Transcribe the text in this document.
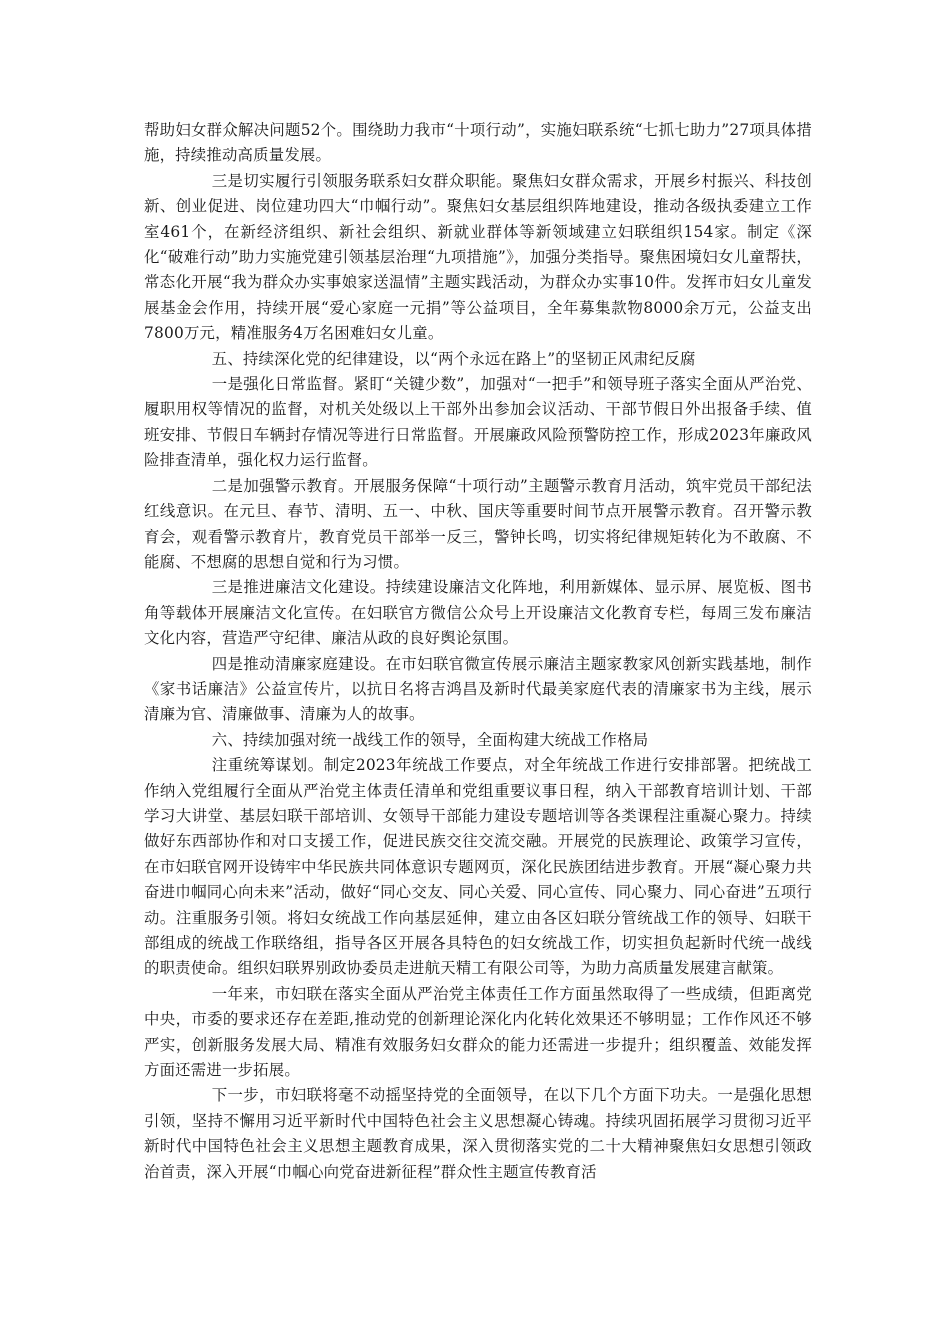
帮助妇女群众解决问题52个。围绕助力我市“十项行动”，实施妇联系统“七抓七助力”27项具体措施，持续推动高质量发展。

三是切实履行引领服务联系妇女群众职能。聚焦妇女群众需求，开展乡村振兴、科技创新、创业促进、岗位建功四大“巾帼行动”。聚焦妇女基层组织阵地建设，推动各级执委建立工作室461个，在新经济组织、新社会组织、新就业群体等新领域建立妇联组织154家。制定《深化“破难行动”助力实施党建引领基层治理“九项措施”》，加强分类指导。聚焦困境妇女儿童帮扶，常态化开展“我为群众办实事娘家送温情”主题实践活动，为群众办实事10件。发挥市妇女儿童发展基金会作用，持续开展“爱心家庭一元捐”等公益项目，全年募集款物8000余万元，公益支出7800万元，精准服务4万名困难妇女儿童。

五、持续深化党的纪律建设，以“两个永远在路上”的坚韧正风肃纪反腐

一是强化日常监督。紧盯“关键少数”，加强对“一把手”和领导班子落实全面从严治党、履职用权等情况的监督，对机关处级以上干部外出参加会议活动、干部节假日外出报备手续、值班安排、节假日车辆封存情况等进行日常监督。开展廉政风险预警防控工作，形成2023年廉政风险排查清单，强化权力运行监督。

二是加强警示教育。开展服务保障“十项行动”主题警示教育月活动，筑牢党员干部纪法红线意识。在元旦、春节、清明、五一、中秋、国庆等重要时间节点开展警示教育。召开警示教育会，观看警示教育片，教育党员干部举一反三，警钟长鸣，切实将纪律规矩转化为不敢腐、不能腐、不想腐的思想自觉和行为习惯。

三是推进廉洁文化建设。持续建设廉洁文化阵地，利用新媒体、显示屏、展览板、图书角等载体开展廉洁文化宣传。在妇联官方微信公众号上开设廉洁文化教育专栏，每周三发布廉洁文化内容，营造严守纪律、廉洁从政的良好舆论氛围。

四是推动清廉家庭建设。在市妇联官微宣传展示廉洁主题家教家风创新实践基地，制作《家书话廉洁》公益宣传片，以抗日名将吉鸿昌及新时代最美家庭代表的清廉家书为主线，展示清廉为官、清廉做事、清廉为人的故事。

六、持续加强对统一战线工作的领导，全面构建大统战工作格局

注重统筹谋划。制定2023年统战工作要点，对全年统战工作进行安排部署。把统战工作纳入党组履行全面从严治党主体责任清单和党组重要议事日程，纳入干部教育培训计划、干部学习大讲堂、基层妇联干部培训、女领导干部能力建设专题培训等各类课程注重凝心聚力。持续做好东西部协作和对口支援工作，促进民族交往交流交融。开展党的民族理论、政策学习宣传，在市妇联官网开设铸牢中华民族共同体意识专题网页，深化民族团结进步教育。开展“凝心聚力共奋进巾帼同心向未来”活动，做好“同心交友、同心关爱、同心宣传、同心聚力、同心奋进”五项行动。注重服务引领。将妇女统战工作向基层延伸，建立由各区妇联分管统战工作的领导、妇联干部组成的统战工作联络组，指导各区开展各具特色的妇女统战工作，切实担负起新时代统一战线的职责使命。组织妇联界别政协委员走进航天精工有限公司等，为助力高质量发展建言献策。

一年来，市妇联在落实全面从严治党主体责任工作方面虽然取得了一些成绩，但距离党中央，市委的要求还存在差距,推动党的创新理论深化内化转化效果还不够明显；工作作风还不够严实，创新服务发展大局、精准有效服务妇女群众的能力还需进一步提升；组织覆盖、效能发挥方面还需进一步拓展。

下一步，市妇联将毫不动摇坚持党的全面领导，在以下几个方面下功夫。一是强化思想引领，坚持不懈用习近平新时代中国特色社会主义思想凝心铸魂。持续巩固拓展学习贯彻习近平新时代中国特色社会主义思想主题教育成果，深入贯彻落实党的二十大精神聚焦妇女思想引领政治首责，深入开展“巾帼心向党奋进新征程”群众性主题宣传教育活
